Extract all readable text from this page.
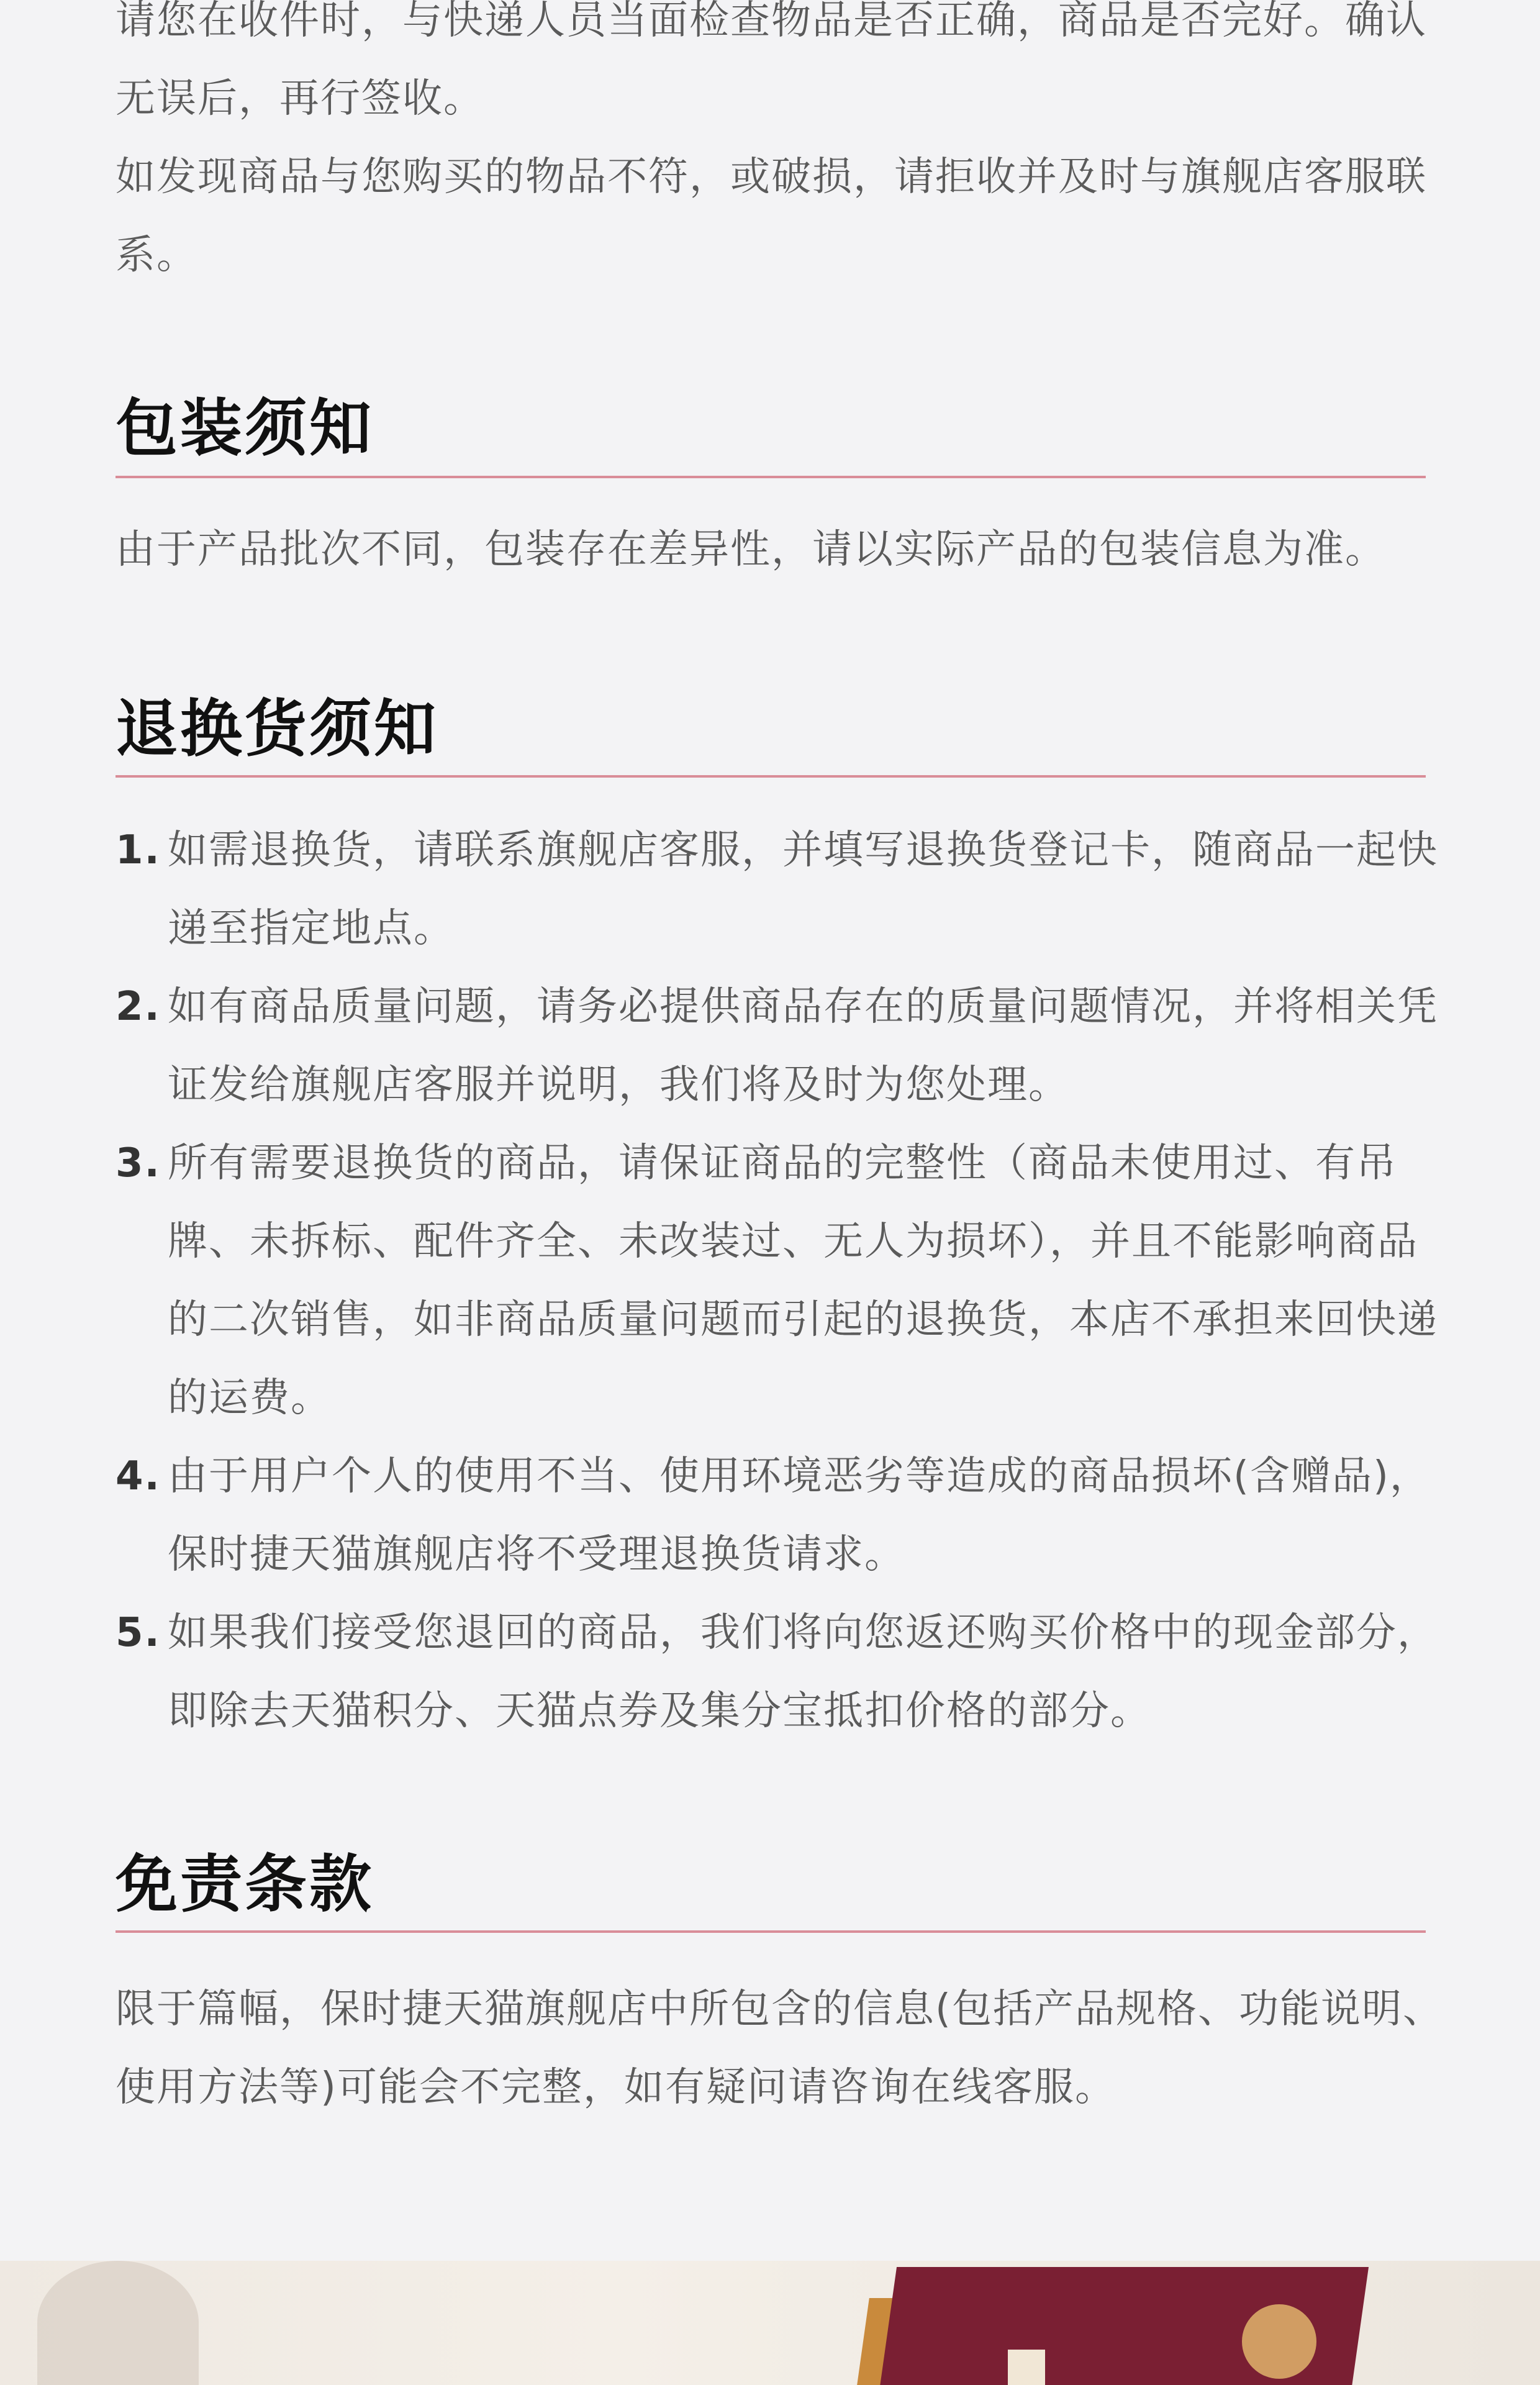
请您在收件时，与快递人员当面检查物品是否正确，商品是否完好。确认无误后，再行签收。

如发现商品与您购买的物品不符，或破损，请拒收并及时与旗舰店客服联系。

包装须知

由于产品批次不同，包装存在差异性，请以实际产品的包装信息为准。

退换货须知
1. 如需退换货，请联系旗舰店客服，并填写退换货登记卡，随商品一起快递至指定地点。
2. 如有商品质量问题，请务必提供商品存在的质量问题情况，并将相关凭证发给旗舰店客服并说明，我们将及时为您处理。
3. 所有需要退换货的商品，请保证商品的完整性（商品未使用过、有吊牌、未拆标、配件齐全、未改装过、无人为损坏），并且不能影响商品的二次销售，如非商品质量问题而引起的退换货，本店不承担来回快递的运费。
4. 由于用户个人的使用不当、使用环境恶劣等造成的商品损坏(含赠品)，保时捷天猫旗舰店将不受理退换货请求。
5. 如果我们接受您退回的商品，我们将向您返还购买价格中的现金部分，即除去天猫积分、天猫点券及集分宝抵扣价格的部分。
免责条款

限于篇幅，保时捷天猫旗舰店中所包含的信息(包括产品规格、功能说明、使用方法等)可能会不完整，如有疑问请咨询在线客服。
